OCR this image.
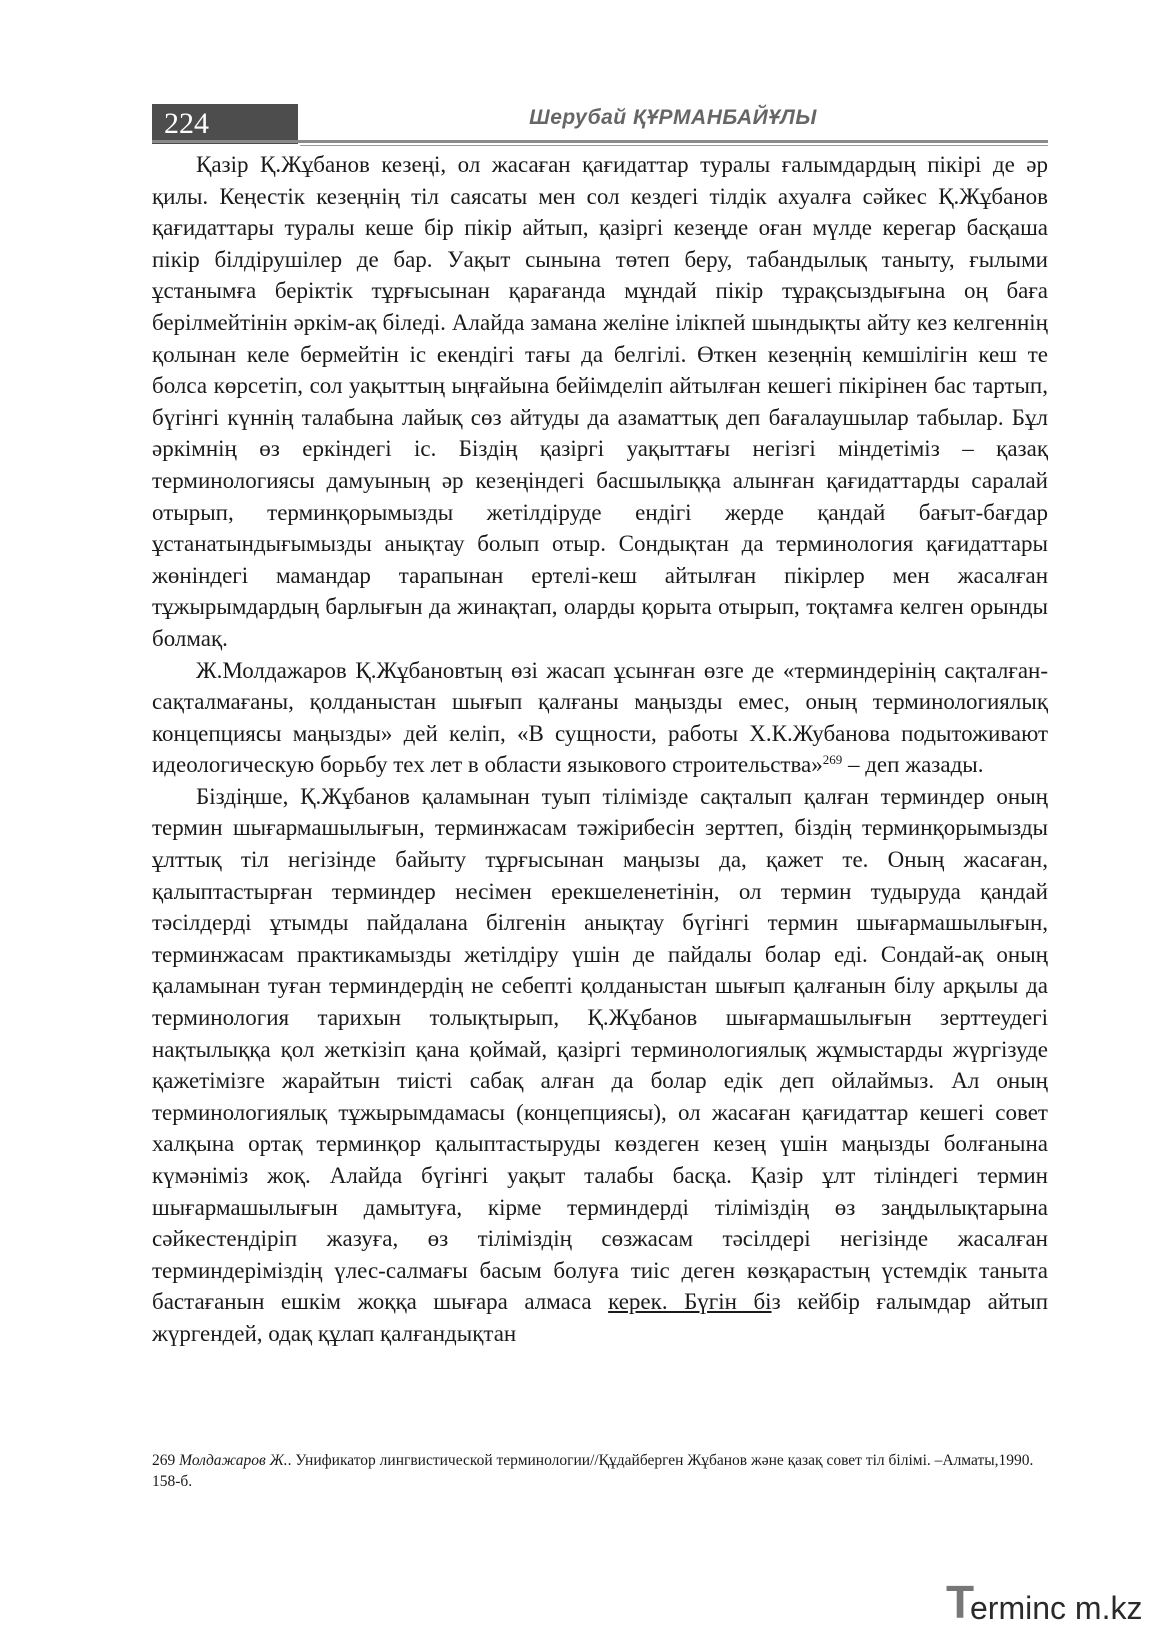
224	Шерубай ҚҰРМАНБАЙҰЛЫ

Қазір Қ.Жұбанов кезеңі, ол жасаған қағидаттар туралы ғалымдардың пікірі де әр қилы. Кеңестік кезеңнің тіл саясаты мен сол кездегі тілдік ахуалға сәйкес Қ.Жұбанов қағидаттары туралы кеше бір пікір айтып, қазіргі кезеңде оған мүлде керегар басқаша пікір білдірушілер де бар. Уақыт сынына төтеп беру, табандылық таныту, ғылыми ұстанымға беріктік тұрғысынан қарағанда мұндай пікір тұрақсыздығына оң баға берілмейтінін әркім-ақ біледі. Алайда замана желіне ілікпей шындықты айту кез келгеннің қолынан келе бермейтін іс екендігі тағы да белгілі. Өткен кезеңнің кемшілігін кеш те болса көрсетіп, сол уақыттың ыңғайына бейімделіп айтылған кешегі пікірінен бас тартып, бүгінгі күннің талабына лайық сөз айтуды да азаматтық деп бағалаушылар табылар. Бұл әркімнің өз еркіндегі іс. Біздің қазіргі уақыттағы негізгі міндетіміз – қазақ терминологиясы дамуының әр кезеңіндегі басшылыққа алынған қағидаттарды саралай отырып, терминқорымызды жетілдіруде ендігі жерде қандай бағыт-бағдар ұстанатындығымызды анықтау болып отыр. Сондықтан да терминология қағидаттары жөніндегі мамандар тарапынан ертелі-кеш айтылған пікірлер мен жасалған тұжырымдардың барлығын да жинақтап, оларды қорыта отырып, тоқтамға келген орынды болмақ.

Ж.Молдажаров Қ.Жұбановтың өзі жасап ұсынған өзге де «терминдерінің сақталған-сақталмағаны, қолданыстан шығып қалғаны маңызды емес, оның терминологиялық концепциясы маңызды» дей келіп, «В сущности, работы Х.К.Жубанова подытоживают идеологическую борьбу тех лет в области языкового строительства»$^{269}$ – деп жазады.

Біздіңше, Қ.Жұбанов қаламынан туып тілімізде сақталып қалған терминдер оның термин шығармашылығын, терминжасам тәжірибесін зерттеп, біздің терминқорымызды ұлттық тіл негізінде байыту тұрғысынан маңызы да, қажет те. Оның жасаған, қалыптастырған терминдер несімен ерекшеленетінін, ол термин тудыруда қандай тәсілдерді ұтымды пайдалана білгенін анықтау бүгінгі термин шығармашылығын, терминжасам практикамызды жетілдіру үшін де пайдалы болар еді. Сондай-ақ оның қаламынан туған терминдердің не себепті қолданыстан шығып қалғанын білу арқылы да терминология тарихын толықтырып, Қ.Жұбанов шығармашылығын зерттеудегі нақтылыққа қол жеткізіп қана қоймай, қазіргі терминологиялық жұмыстарды жүргізуде қажетімізге жарайтын тиісті сабақ алған да болар едік деп ойлаймыз. Ал оның терминологиялық тұжырымдамасы (концепциясы), ол жасаған қағидаттар кешегі совет халқына ортақ терминқор қалыптастыруды көздеген кезең үшін маңызды болғанына күмәніміз жоқ. Алайда бүгінгі уақыт талабы басқа. Қазір ұлт тіліндегі термин шығармашылығын дамытуға, кірме терминдерді тіліміздің өз заңдылықтарына сәйкестендіріп жазуға, өз тіліміздің сөзжасам тәсілдері негізінде жасалған терминдеріміздің үлес-салмағы басым болуға тиіс деген көзқарастың үстемдік таныта бастағанын ешкім жоққа шығара алмаса керек. Бүгін біз кейбір ғалымдар айтып жүргендей, одақ құлап қалғандықтан

269 Молдажаров Ж.. Унификатор лингвистической терминологии//Құдайберген Жұбанов және қазақ совет тіл білімі. –Алматы,1990. 158-б.
T
erminc m.kz
